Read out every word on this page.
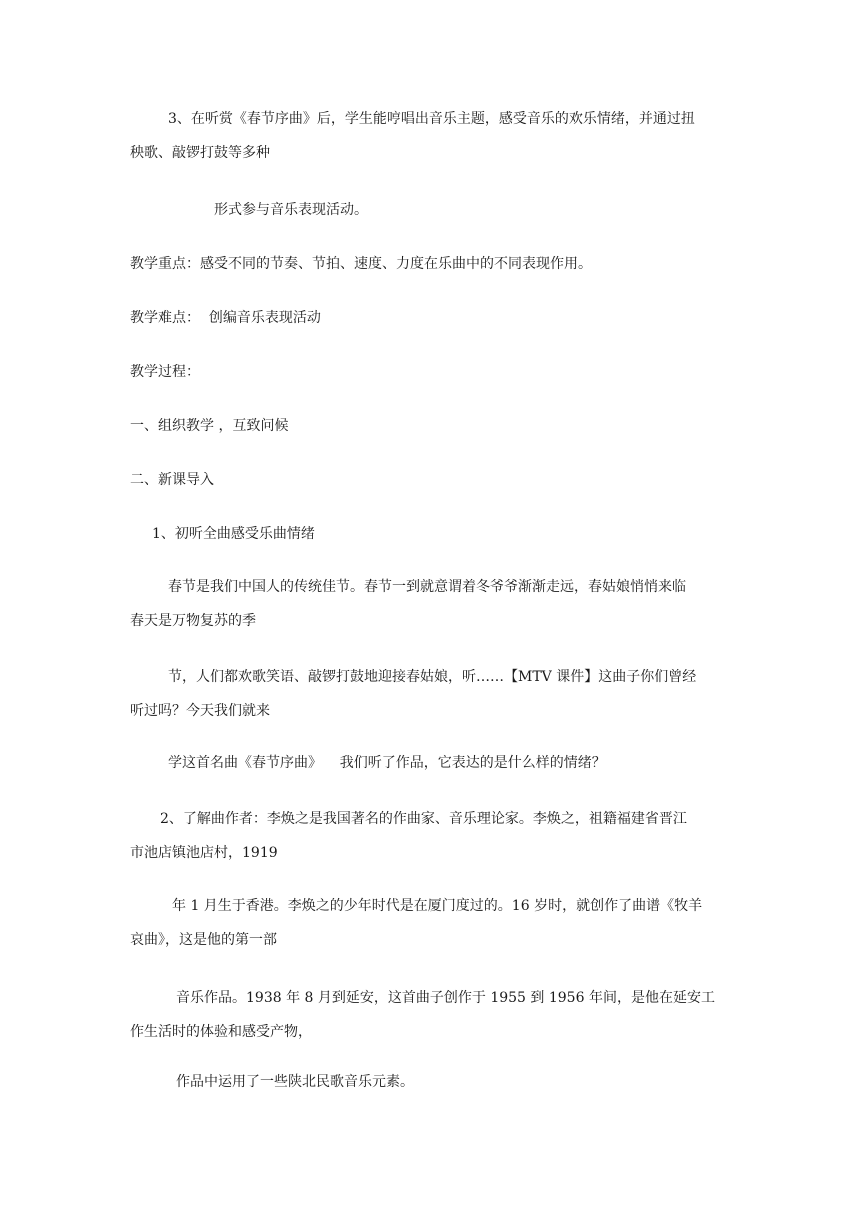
3、在听赏《春节序曲》后，学生能哼唱出音乐主题，感受音乐的欢乐情绪，并通过扭
秧歌、敲锣打鼓等多种
形式参与音乐表现活动。
教学重点：感受不同的节奏、节拍、速度、力度在乐曲中的不同表现作用。
教学难点：  创编音乐表现活动
教学过程：
一、组织教学 ，互致问候
二、新课导入
1、初听全曲感受乐曲情绪
春节是我们中国人的传统佳节。春节一到就意谓着冬爷爷渐渐走远，春姑娘悄悄来临
春天是万物复苏的季
节，人们都欢歌笑语、敲锣打鼓地迎接春姑娘，听……【MTV 课件】这曲子你们曾经
听过吗？今天我们就来
学这首名曲《春节序曲》    我们听了作品，它表达的是什么样的情绪？
2、了解曲作者：李焕之是我国著名的作曲家、音乐理论家。李焕之，祖籍福建省晋江
市池店镇池店村，1919
年 1 月生于香港。李焕之的少年时代是在厦门度过的。16 岁时，就创作了曲谱《牧羊
哀曲》，这是他的第一部
音乐作品。1938 年 8 月到延安，这首曲子创作于 1955 到 1956 年间，是他在延安工
作生活时的体验和感受产物，
作品中运用了一些陕北民歌音乐元素。
